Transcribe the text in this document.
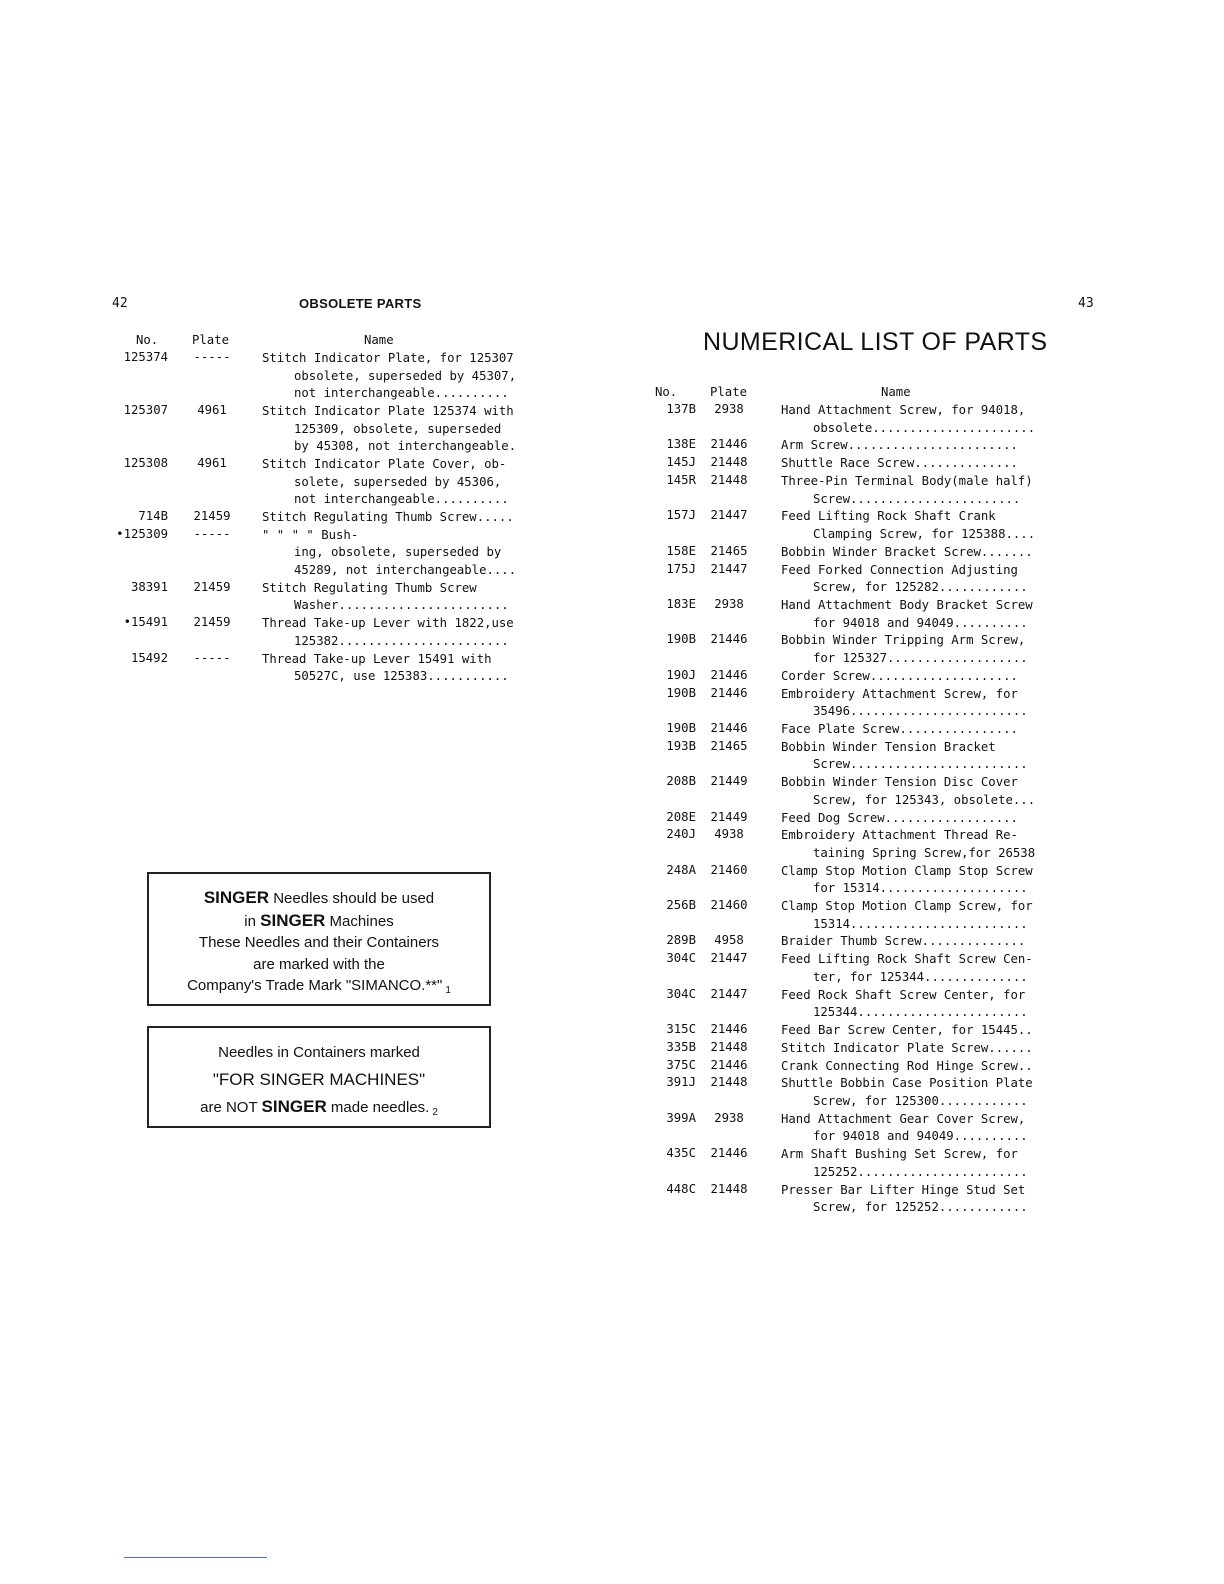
42	OBSOLETE PARTS	43
NUMERICAL LIST OF PARTS
No.	Plate	Name
125374	-----	Stitch Indicator Plate, for 125307
obsolete, superseded by 45307,
not interchangeable..........
125307	4961	Stitch Indicator Plate 125374 with
125309, obsolete, superseded
by 45308, not interchangeable.
125308	4961	Stitch Indicator Plate Cover, ob-
solete, superseded by 45306,
not interchangeable..........
714B	21459	Stitch Regulating Thumb Screw.....
•125309	-----	" " " " Bush-
ing, obsolete, superseded by
45289, not interchangeable....
38391	21459	Stitch Regulating Thumb Screw
Washer.......................
•15491	21459	Thread Take-up Lever with 1822,use
125382.......................
15492	-----	Thread Take-up Lever 15491 with
50527C, use 125383...........
No.	Plate	Name
137B	2938	Hand Attachment Screw, for 94018,
obsolete......................
138E	21446	Arm Screw.......................
145J	21448	Shuttle Race Screw..............
145R	21448	Three-Pin Terminal Body(male half)
Screw.......................
157J	21447	Feed Lifting Rock Shaft Crank
Clamping Screw, for 125388....
158E	21465	Bobbin Winder Bracket Screw.......
175J	21447	Feed Forked Connection Adjusting
Screw, for 125282............
183E	2938	Hand Attachment Body Bracket Screw
for 94018 and 94049..........
190B	21446	Bobbin Winder Tripping Arm Screw,
for 125327...................
190J	21446	Corder Screw....................
190B	21446	Embroidery Attachment Screw, for
35496........................
190B	21446	Face Plate Screw................
193B	21465	Bobbin Winder Tension Bracket
Screw........................
208B	21449	Bobbin Winder Tension Disc Cover
Screw, for 125343, obsolete...
208E	21449	Feed Dog Screw..................
240J	4938	Embroidery Attachment Thread Re-
taining Spring Screw,for 26538
248A	21460	Clamp Stop Motion Clamp Stop Screw
for 15314....................
256B	21460	Clamp Stop Motion Clamp Screw, for
15314........................
289B	4958	Braider Thumb Screw..............
304C	21447	Feed Lifting Rock Shaft Screw Cen-
ter, for 125344..............
304C	21447	Feed Rock Shaft Screw Center, for
125344.......................
315C	21446	Feed Bar Screw Center, for 15445..
335B	21448	Stitch Indicator Plate Screw......
375C	21446	Crank Connecting Rod Hinge Screw..
391J	21448	Shuttle Bobbin Case Position Plate
Screw, for 125300............
399A	2938	Hand Attachment Gear Cover Screw,
for 94018 and 94049..........
435C	21446	Arm Shaft Bushing Set Screw, for
125252.......................
448C	21448	Presser Bar Lifter Hinge Stud Set
Screw, for 125252............
SINGER Needles should be used
in SINGER Machines
These Needles and their Containers
are marked with the
Company's Trade Mark "SIMANCO.**" $_1$
Needles in Containers marked
"FOR SINGER MACHINES"
are NOT SINGER made needles. $_2$
